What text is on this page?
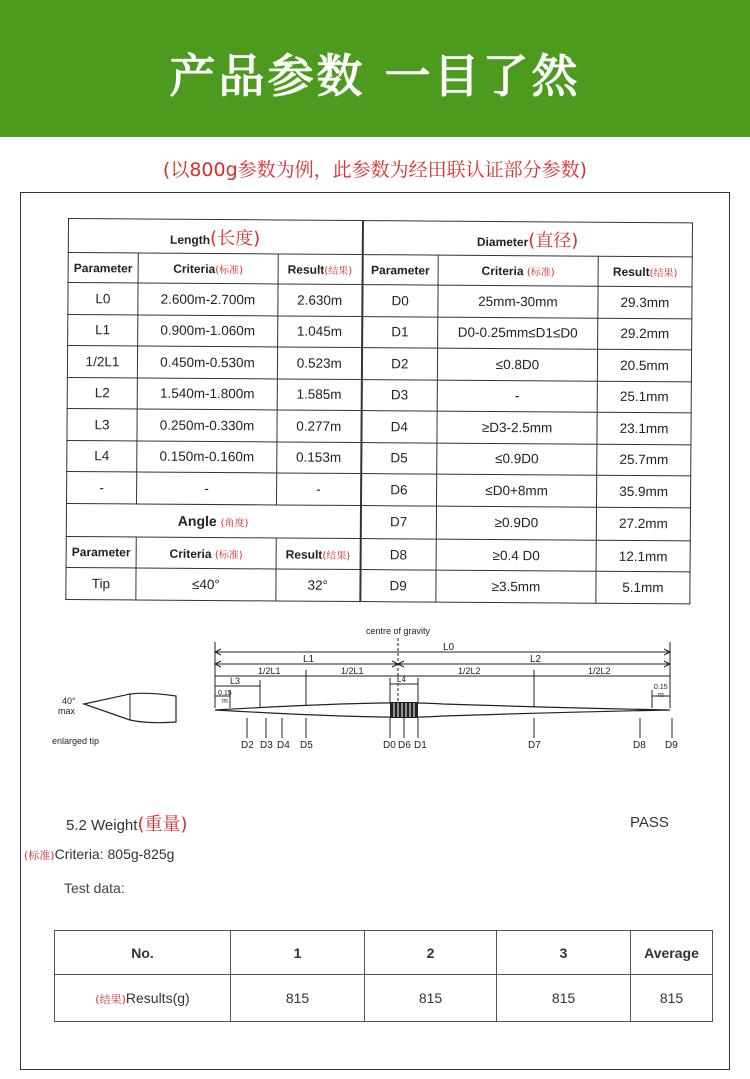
产品参数 一目了然
(以800g参数为例，此参数为经田联认证部分参数)
Length(长度)			Diameter(直径)		
Parameter	Criteria(标准)	Result(结果)	Parameter	Criteria (标准)	Result(结果)
L0	2.600m-2.700m	2.630m	D0	25mm-30mm	29.3mm
L1	0.900m-1.060m	1.045m	D1	D0-0.25mm≤D1≤D0	29.2mm
1/2L1	0.450m-0.530m	0.523m	D2	≤0.8D0	20.5mm
L2	1.540m-1.800m	1.585m	D3	-	25.1mm
L3	0.250m-0.330m	0.277m	D4	≥D3-2.5mm	23.1mm
L4	0.150m-0.160m	0.153m	D5	≤0.9D0	25.7mm
-	-	-	D6	≤D0+8mm	35.9mm
Angle (角度)			D7	≥0.9D0	27.2mm
Parameter	Criteria (标准)	Result(结果)	D8	≥0.4 D0	12.1mm
Tip	≤40°	32°	D9	≥3.5mm	5.1mm
centre of gravity
L0
L1	L2
1/2L1	1/2L1	1/2L2	1/2L2
L3	L4
0.15
m
0.15
m
40°
max
enlarged tip	D2 D3 D4 D5	D0 D6 D1	D7	D8 D9
5.2 Weight(重量)	PASS
(标准)Criteria: 805g-825g
Test data:
No.	1	2	3	Average
(结果)Results(g)	815	815	815	815
